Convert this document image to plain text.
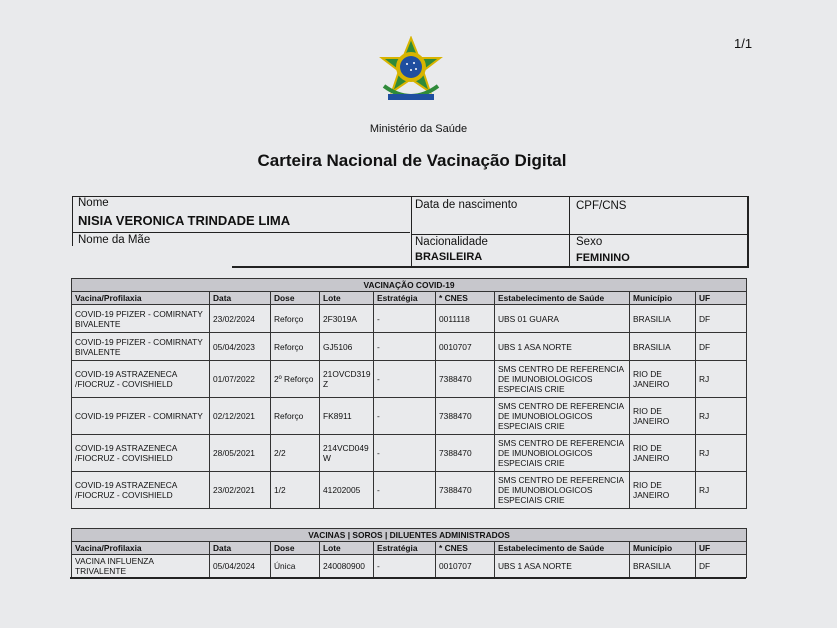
1/1
Ministério da Saúde
Carteira Nacional de Vacinação Digital
Nome
NISIA VERONICA TRINDADE LIMA
Nome da Mãe
Data de nascimento	CPF/CNS
Nacionalidade
BRASILEIRA
Sexo
FEMININO
VACINAÇÃO COVID-19								
Vacina/Profilaxia	Data	Dose	Lote	Estratégia	* CNES	Estabelecimento de Saúde	Município	UF
COVID-19 PFIZER - COMIRNATY BIVALENTE	23/02/2024	Reforço	2F3019A	-	0011118	UBS 01 GUARA	BRASILIA	DF
COVID-19 PFIZER - COMIRNATY BIVALENTE	05/04/2023	Reforço	GJ5106	-	0010707	UBS 1 ASA NORTE	BRASILIA	DF
COVID-19 ASTRAZENECA /FIOCRUZ - COVISHIELD	01/07/2022	2º Reforço	21OVCD319 Z	-	7388470	SMS CENTRO DE REFERENCIA DE IMUNOBIOLOGICOS ESPECIAIS CRIE	RIO DE JANEIRO	RJ
COVID-19 PFIZER - COMIRNATY	02/12/2021	Reforço	FK8911	-	7388470	SMS CENTRO DE REFERENCIA DE IMUNOBIOLOGICOS ESPECIAIS CRIE	RIO DE JANEIRO	RJ
COVID-19 ASTRAZENECA /FIOCRUZ - COVISHIELD	28/05/2021	2/2	214VCD049 W	-	7388470	SMS CENTRO DE REFERENCIA DE IMUNOBIOLOGICOS ESPECIAIS CRIE	RIO DE JANEIRO	RJ
COVID-19 ASTRAZENECA /FIOCRUZ - COVISHIELD	23/02/2021	1/2	41202005	-	7388470	SMS CENTRO DE REFERENCIA DE IMUNOBIOLOGICOS ESPECIAIS CRIE	RIO DE JANEIRO	RJ
VACINAS | SOROS | DILUENTES ADMINISTRADOS								
Vacina/Profilaxia	Data	Dose	Lote	Estratégia	* CNES	Estabelecimento de Saúde	Município	UF
VACINA INFLUENZA TRIVALENTE	05/04/2024	Única	240080900	-	0010707	UBS 1 ASA NORTE	BRASILIA	DF
